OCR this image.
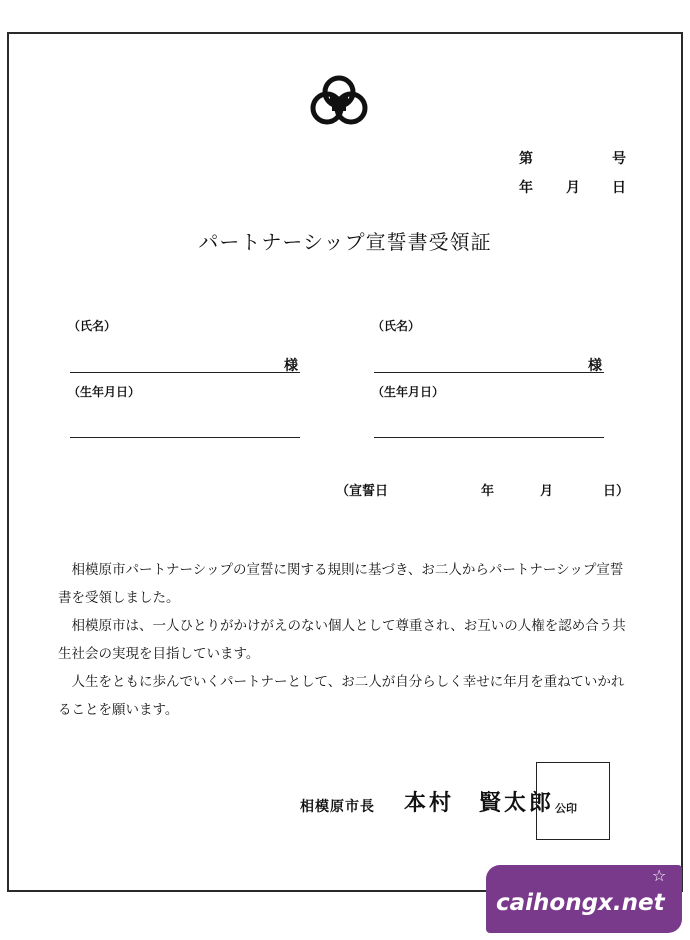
第	号
年 月 日
パートナーシップ宣誓書受領証
（氏名）
様
（生年月日）
（氏名）
様
（生年月日）
（宣誓日	年	月	日）

相模原市パートナーシップの宣誓に関する規則に基づき、お二人からパートナーシップ宣誓書を受領しました。

相模原市は、一人ひとりがかけがえのない個人として尊重され、お互いの人権を認め合う共生社会の実現を目指しています。

人生をともに歩んでいくパートナーとして、お二人が自分らしく幸せに年月を重ねていかれることを願います。

相模原市長 本村　賢太郎 公印
caihongx.net
☆
